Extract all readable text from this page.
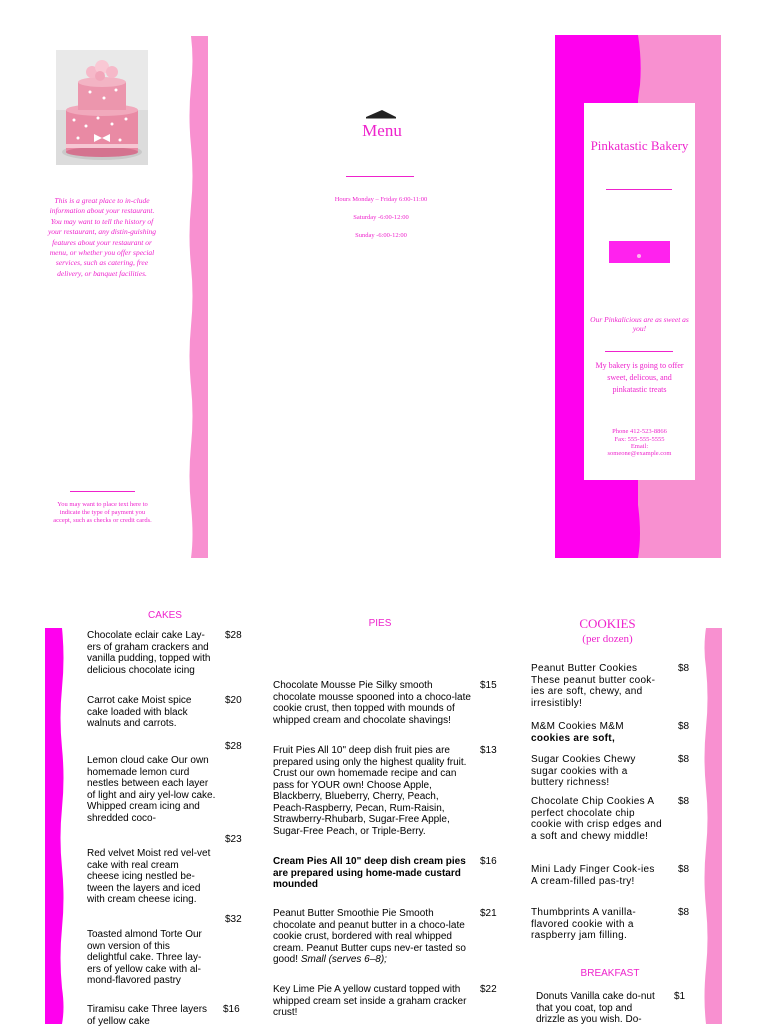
This is a great place to in-clude information about your restaurant. You may want to tell the history of your restaurant, any distin-guishing features about your restaurant or menu, or whether you offer special services, such as catering, free delivery, or banquet facilities.
You may want to place text here to indicate the type of payment you accept, such as checks or credit cards.
Menu
Hours Monday – Friday 6:00-11:00
Saturday -6:00-12:00
Sunday -6:00-12:00
Pinkatastic Bakery
Our Pinkalicious are as sweet as you!
My bakery is going to offer sweet, delicous, and pinkatastic treats
Phone 412-523-8866
Fax: 555-555-5555
Email:
someone@example.com
CAKES
Chocolate eclair cake Lay-ers of graham crackers and vanilla pudding, topped with delicious chocolate icing
$28
Carrot cake Moist spice cake loaded with black walnuts and carrots.
$20
$28
Lemon cloud cake Our own homemade lemon curd nestles between each layer of light and airy yel-low cake. Whipped cream icing and shredded coco-
$23
Red velvet Moist red vel-vet cake with real cream cheese icing nestled be-tween the layers and iced with cream cheese icing.
$32
Toasted almond Torte Our own version of this delightful cake. Three lay-ers of yellow cake with al-mond-flavored pastry
Tiramisu cake Three layers of yellow cake
$16
PIES
Chocolate Mousse Pie Silky smooth chocolate mousse spooned into a choco-late cookie crust, then topped with mounds of whipped cream and chocolate shavings!
$15
Fruit Pies All 10" deep dish fruit pies are prepared using only the highest quality fruit. Crust our own homemade recipe and can pass for YOUR own! Choose Apple, Blackberry, Blueberry, Cherry, Peach, Peach-Raspberry, Pecan, Rum-Raisin, Strawberry-Rhubarb, Sugar-Free Apple, Sugar-Free Peach, or Triple-Berry.
$13
Cream Pies All 10" deep dish cream pies are prepared using home-made custard mounded
$16
Peanut Butter Smoothie Pie Smooth chocolate and peanut butter in a choco-late cookie crust, bordered with real whipped cream. Peanut Butter cups nev-er tasted so good! Small (serves 6–8);
$21
Key Lime Pie A yellow custard topped with whipped cream set inside a graham cracker crust!
$22
COOKIES
(per dozen)
Peanut Butter Cookies These peanut butter cook-ies are soft, chewy, and irresistibly!
$8
M&M Cookies M&M
cookies are soft,
$8
Sugar Cookies Chewy sugar cookies with a buttery richness!
$8
Chocolate Chip Cookies A perfect chocolate chip cookie with crisp edges and a soft and chewy middle!
$8
Mini Lady Finger Cook-ies A cream-filled pas-try!
$8
Thumbprints A vanilla-flavored cookie with a raspberry jam filling.
$8
BREAKFAST
Donuts Vanilla cake do-nut that you coat, top and drizzle as you wish. Do-
$1
